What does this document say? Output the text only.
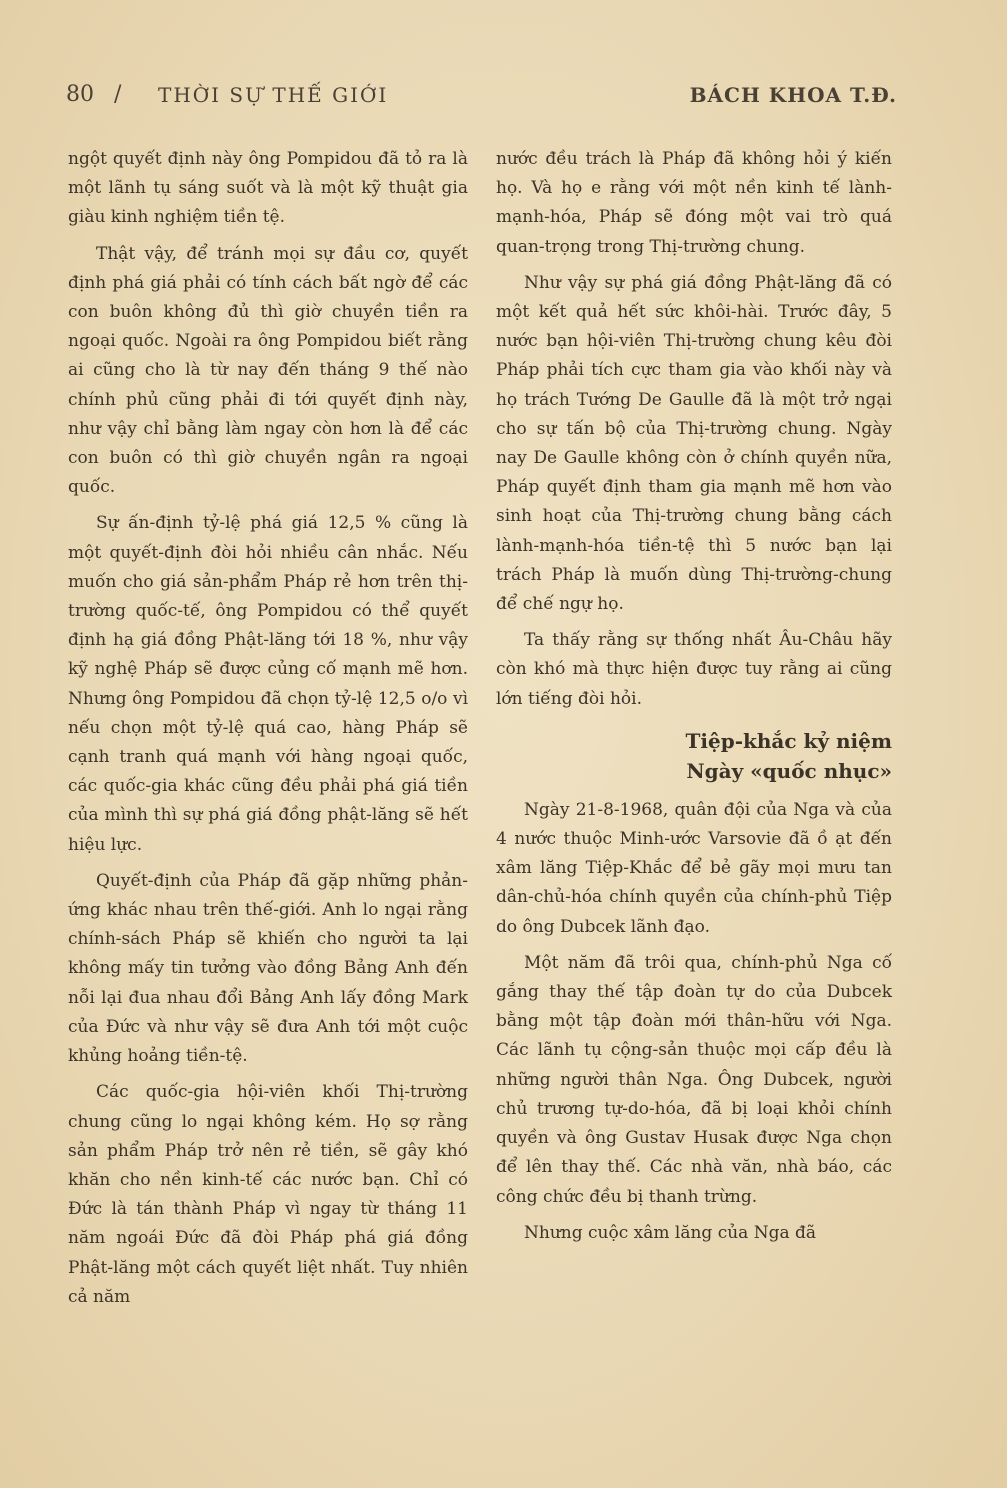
80 / THỜI SỰ THẾ GIỚI	BÁCH KHOA T.Đ.

ngột quyết định này ông Pompidou đã tỏ ra là một lãnh tụ sáng suốt và là một kỹ thuật gia giàu kinh nghiệm tiền tệ.

Thật vậy, để tránh mọi sự đầu cơ, quyết định phá giá phải có tính cách bất ngờ để các con buôn không đủ thì giờ chuyền tiền ra ngoại quốc. Ngoài ra ông Pompidou biết rằng ai cũng cho là từ nay đến tháng 9 thế nào chính phủ cũng phải đi tới quyết định này, như vậy chỉ bằng làm ngay còn hơn là để các con buôn có thì giờ chuyền ngân ra ngoại quốc.

Sự ấn-định tỷ-lệ phá giá 12,5 % cũng là một quyết-định đòi hỏi nhiều cân nhắc. Nếu muốn cho giá sản-phẩm Pháp rẻ hơn trên thị-trường quốc-tế, ông Pompidou có thể quyết định hạ giá đồng Phật-lăng tới 18 %, như vậy kỹ nghệ Pháp sẽ được củng cố mạnh mẽ hơn. Nhưng ông Pompidou đã chọn tỷ-lệ 12,5 o/o vì nếu chọn một tỷ-lệ quá cao, hàng Pháp sẽ cạnh tranh quá mạnh với hàng ngoại quốc, các quốc-gia khác cũng đều phải phá giá tiền của mình thì sự phá giá đồng phật-lăng sẽ hết hiệu lực.

Quyết-định của Pháp đã gặp những phản-ứng khác nhau trên thế-giới. Anh lo ngại rằng chính-sách Pháp sẽ khiến cho người ta lại không mấy tin tưởng vào đồng Bảng Anh đến nỗi lại đua nhau đổi Bảng Anh lấy đồng Mark của Đức và như vậy sẽ đưa Anh tới một cuộc khủng hoảng tiền-tệ.

Các quốc-gia hội-viên khối Thị-trường chung cũng lo ngại không kém. Họ sợ rằng sản phẩm Pháp trở nên rẻ tiền, sẽ gây khó khăn cho nền kinh-tế các nước bạn. Chỉ có Đức là tán thành Pháp vì ngay từ tháng 11 năm ngoái Đức đã đòi Pháp phá giá đồng Phật-lăng một cách quyết liệt nhất. Tuy nhiên cả năm

nước đều trách là Pháp đã không hỏi ý kiến họ. Và họ e rằng với một nền kinh tế lành-mạnh-hóa, Pháp sẽ đóng một vai trò quá quan-trọng trong Thị-trường chung.

Như vậy sự phá giá đồng Phật-lăng đã có một kết quả hết sức khôi-hài. Trước đây, 5 nước bạn hội-viên Thị-trường chung kêu đòi Pháp phải tích cực tham gia vào khối này và họ trách Tướng De Gaulle đã là một trở ngại cho sự tấn bộ của Thị-trường chung. Ngày nay De Gaulle không còn ở chính quyền nữa, Pháp quyết định tham gia mạnh mẽ hơn vào sinh hoạt của Thị-trường chung bằng cách lành-mạnh-hóa tiền-tệ thì 5 nước bạn lại trách Pháp là muốn dùng Thị-trường-chung để chế ngự họ.

Ta thấy rằng sự thống nhất Âu-Châu hãy còn khó mà thực hiện được tuy rằng ai cũng lớn tiếng đòi hỏi.

Tiệp-khắc kỷ niệm
Ngày «quốc nhục»

Ngày 21-8-1968, quân đội của Nga và của 4 nước thuộc Minh-ước Varsovie đã ồ ạt đến xâm lăng Tiệp-Khắc để bẻ gãy mọi mưu tan dân-chủ-hóa chính quyền của chính-phủ Tiệp do ông Dubcek lãnh đạo.

Một năm đã trôi qua, chính-phủ Nga cố gắng thay thế tập đoàn tự do của Dubcek bằng một tập đoàn mới thân-hữu với Nga. Các lãnh tụ cộng-sản thuộc mọi cấp đều là những người thân Nga. Ông Dubcek, người chủ trương tự-do-hóa, đã bị loại khỏi chính quyền và ông Gustav Husak được Nga chọn để lên thay thế. Các nhà văn, nhà báo, các công chức đều bị thanh trừng.

Nhưng cuộc xâm lăng của Nga đã
